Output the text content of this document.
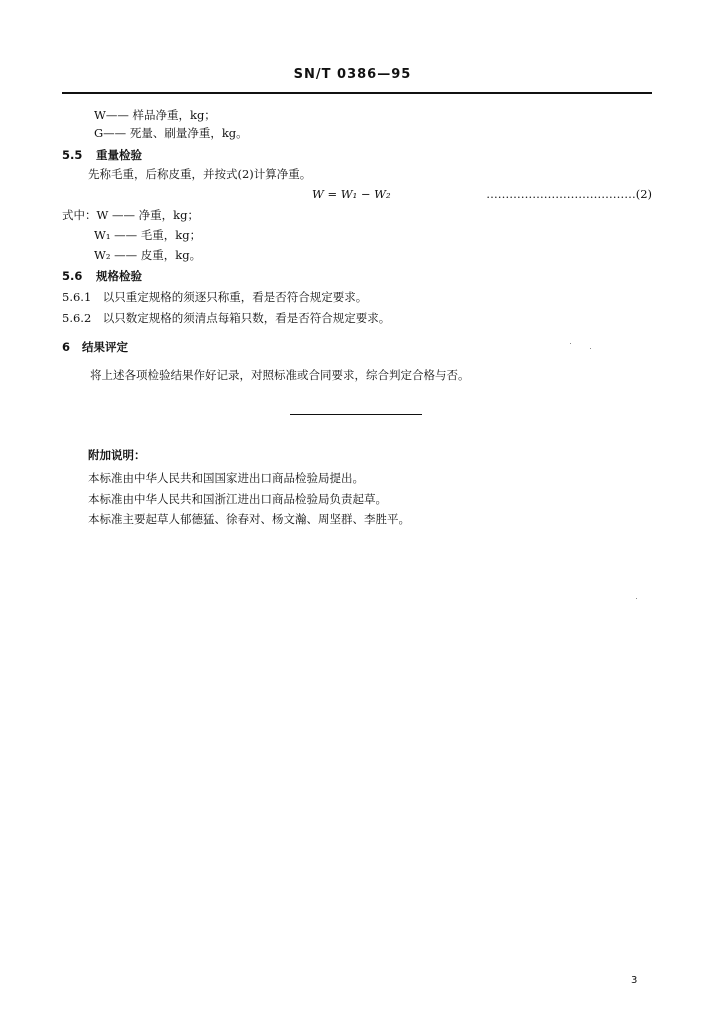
SN/T 0386—95
W—— 样品净重，kg；
G—— 死量、刷量净重，kg。
5.5 重量检验
先称毛重，后称皮重，并按式(2)计算净重。
W = W₁ − W₂	…………………………………(2)
式中：W —— 净重，kg；
W₁ —— 毛重，kg；
W₂ —— 皮重，kg。
5.6 规格检验
5.6.1　以只重定规格的须逐只称重，看是否符合规定要求。
5.6.2　以只数定规格的须清点每箱只数，看是否符合规定要求。
6 结果评定
将上述各项检验结果作好记录，对照标准或合同要求，综合判定合格与否。
附加说明：
本标准由中华人民共和国国家进出口商品检验局提出。
本标准由中华人民共和国浙江进出口商品检验局负责起草。
本标准主要起草人郁德猛、徐春对、杨文瀚、周坚群、李胜平。
3
